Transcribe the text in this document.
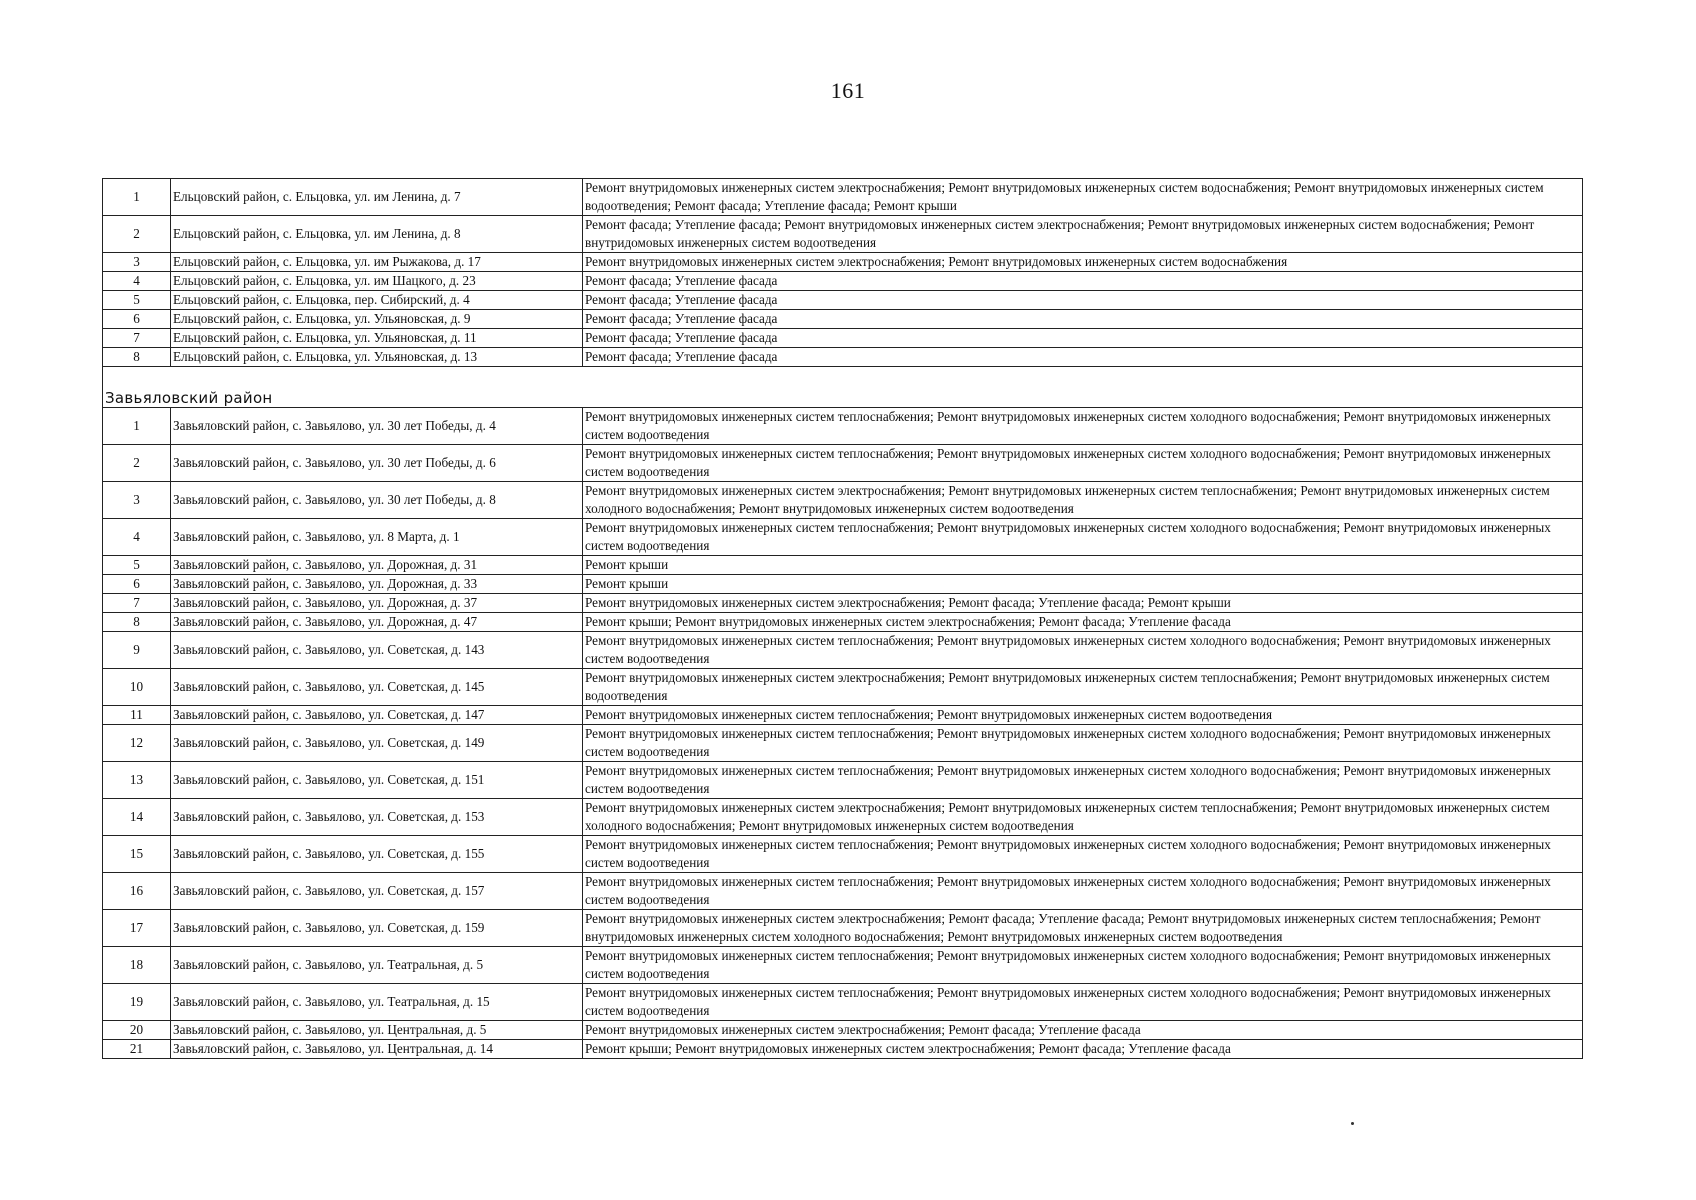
161
1	Ельцовский район, с. Ельцовка, ул. им Ленина, д. 7	Ремонт внутридомовых инженерных систем электроснабжения; Ремонт внутридомовых инженерных систем водоснабжения; Ремонт внутридомовых инженерных систем водоотведения; Ремонт фасада; Утепление фасада; Ремонт крыши
2	Ельцовский район, с. Ельцовка, ул. им Ленина, д. 8	Ремонт фасада; Утепление фасада; Ремонт внутридомовых инженерных систем электроснабжения; Ремонт внутридомовых инженерных систем водоснабжения; Ремонт внутридомовых инженерных систем водоотведения
3	Ельцовский район, с. Ельцовка, ул. им Рыжакова, д. 17	Ремонт внутридомовых инженерных систем электроснабжения; Ремонт внутридомовых инженерных систем водоснабжения
4	Ельцовский район, с. Ельцовка, ул. им Шацкого, д. 23	Ремонт фасада; Утепление фасада
5	Ельцовский район, с. Ельцовка, пер. Сибирский, д. 4	Ремонт фасада; Утепление фасада
6	Ельцовский район, с. Ельцовка, ул. Ульяновская, д. 9	Ремонт фасада; Утепление фасада
7	Ельцовский район, с. Ельцовка, ул. Ульяновская, д. 11	Ремонт фасада; Утепление фасада
8	Ельцовский район, с. Ельцовка, ул. Ульяновская, д. 13	Ремонт фасада; Утепление фасада
Завьяловский район		
1	Завьяловский район, с. Завьялово, ул. 30 лет Победы, д. 4	Ремонт внутридомовых инженерных систем теплоснабжения; Ремонт внутридомовых инженерных систем холодного водоснабжения; Ремонт внутридомовых инженерных систем водоотведения
2	Завьяловский район, с. Завьялово, ул. 30 лет Победы, д. 6	Ремонт внутридомовых инженерных систем теплоснабжения; Ремонт внутридомовых инженерных систем холодного водоснабжения; Ремонт внутридомовых инженерных систем водоотведения
3	Завьяловский район, с. Завьялово, ул. 30 лет Победы, д. 8	Ремонт внутридомовых инженерных систем электроснабжения; Ремонт внутридомовых инженерных систем теплоснабжения; Ремонт внутридомовых инженерных систем холодного водоснабжения; Ремонт внутридомовых инженерных систем водоотведения
4	Завьяловский район, с. Завьялово, ул. 8 Марта, д. 1	Ремонт внутридомовых инженерных систем теплоснабжения; Ремонт внутридомовых инженерных систем холодного водоснабжения; Ремонт внутридомовых инженерных систем водоотведения
5	Завьяловский район, с. Завьялово, ул. Дорожная, д. 31	Ремонт крыши
6	Завьяловский район, с. Завьялово, ул. Дорожная, д. 33	Ремонт крыши
7	Завьяловский район, с. Завьялово, ул. Дорожная, д. 37	Ремонт внутридомовых инженерных систем электроснабжения; Ремонт фасада; Утепление фасада; Ремонт крыши
8	Завьяловский район, с. Завьялово, ул. Дорожная, д. 47	Ремонт крыши; Ремонт внутридомовых инженерных систем электроснабжения; Ремонт фасада; Утепление фасада
9	Завьяловский район, с. Завьялово, ул. Советская, д. 143	Ремонт внутридомовых инженерных систем теплоснабжения; Ремонт внутридомовых инженерных систем холодного водоснабжения; Ремонт внутридомовых инженерных систем водоотведения
10	Завьяловский район, с. Завьялово, ул. Советская, д. 145	Ремонт внутридомовых инженерных систем электроснабжения; Ремонт внутридомовых инженерных систем теплоснабжения; Ремонт внутридомовых инженерных систем водоотведения
11	Завьяловский район, с. Завьялово, ул. Советская, д. 147	Ремонт внутридомовых инженерных систем теплоснабжения; Ремонт внутридомовых инженерных систем водоотведения
12	Завьяловский район, с. Завьялово, ул. Советская, д. 149	Ремонт внутридомовых инженерных систем теплоснабжения; Ремонт внутридомовых инженерных систем холодного водоснабжения; Ремонт внутридомовых инженерных систем водоотведения
13	Завьяловский район, с. Завьялово, ул. Советская, д. 151	Ремонт внутридомовых инженерных систем теплоснабжения; Ремонт внутридомовых инженерных систем холодного водоснабжения; Ремонт внутридомовых инженерных систем водоотведения
14	Завьяловский район, с. Завьялово, ул. Советская, д. 153	Ремонт внутридомовых инженерных систем электроснабжения; Ремонт внутридомовых инженерных систем теплоснабжения; Ремонт внутридомовых инженерных систем холодного водоснабжения; Ремонт внутридомовых инженерных систем водоотведения
15	Завьяловский район, с. Завьялово, ул. Советская, д. 155	Ремонт внутридомовых инженерных систем теплоснабжения; Ремонт внутридомовых инженерных систем холодного водоснабжения; Ремонт внутридомовых инженерных систем водоотведения
16	Завьяловский район, с. Завьялово, ул. Советская, д. 157	Ремонт внутридомовых инженерных систем теплоснабжения; Ремонт внутридомовых инженерных систем холодного водоснабжения; Ремонт внутридомовых инженерных систем водоотведения
17	Завьяловский район, с. Завьялово, ул. Советская, д. 159	Ремонт внутридомовых инженерных систем электроснабжения; Ремонт фасада; Утепление фасада; Ремонт внутридомовых инженерных систем теплоснабжения; Ремонт внутридомовых инженерных систем холодного водоснабжения; Ремонт внутридомовых инженерных систем водоотведения
18	Завьяловский район, с. Завьялово, ул. Театральная, д. 5	Ремонт внутридомовых инженерных систем теплоснабжения; Ремонт внутридомовых инженерных систем холодного водоснабжения; Ремонт внутридомовых инженерных систем водоотведения
19	Завьяловский район, с. Завьялово, ул. Театральная, д. 15	Ремонт внутридомовых инженерных систем теплоснабжения; Ремонт внутридомовых инженерных систем холодного водоснабжения; Ремонт внутридомовых инженерных систем водоотведения
20	Завьяловский район, с. Завьялово, ул. Центральная, д. 5	Ремонт внутридомовых инженерных систем электроснабжения; Ремонт фасада; Утепление фасада
21	Завьяловский район, с. Завьялово, ул. Центральная, д. 14	Ремонт крыши; Ремонт внутридомовых инженерных систем электроснабжения; Ремонт фасада; Утепление фасада
